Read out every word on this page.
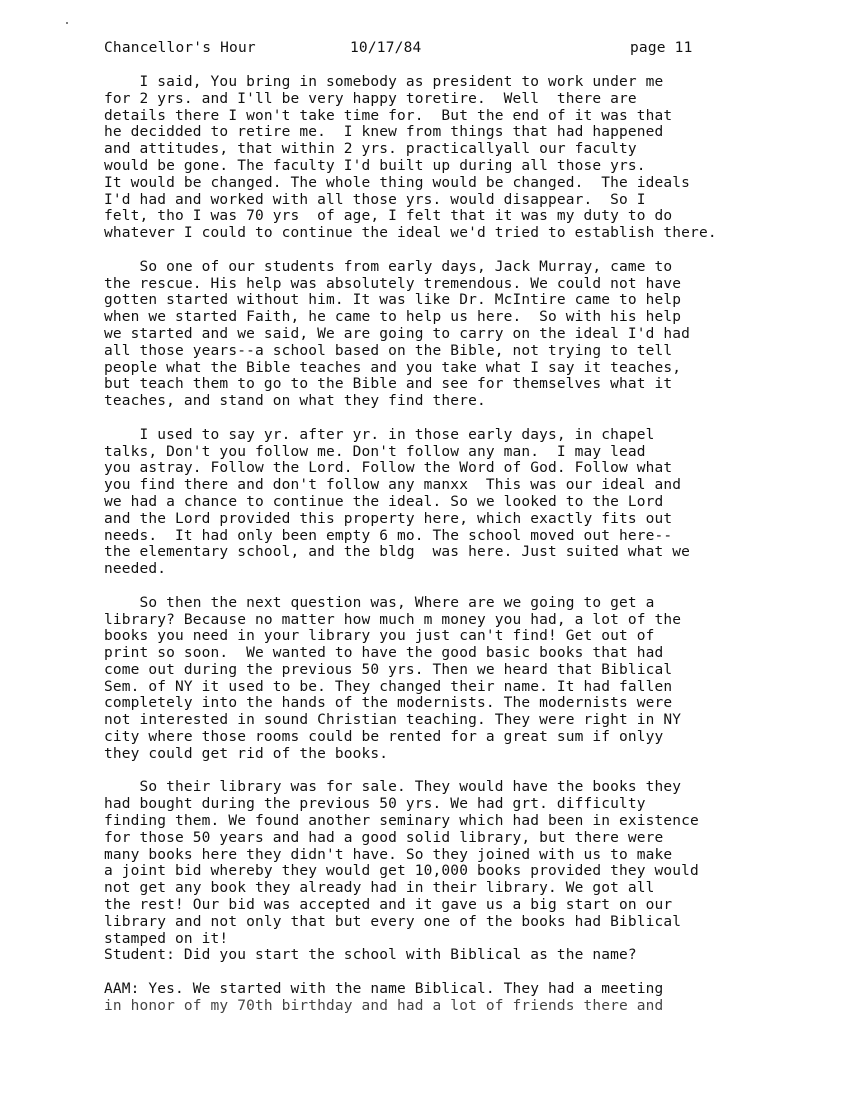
Chancellor's Hour	10/17/84	page 11
I said, You bring in somebody as president to work under me
for 2 yrs. and I'll be very happy toretire.  Well  there are
details there I won't take time for.  But the end of it was that
he decidded to retire me.  I knew from things that had happened
and attitudes, that within 2 yrs. practicallyall our faculty
would be gone. The faculty I'd built up during all those yrs.
It would be changed. The whole thing would be changed.  The ideals
I'd had and worked with all those yrs. would disappear.  So I
felt, tho I was 70 yrs  of age, I felt that it was my duty to do
whatever I could to continue the ideal we'd tried to establish there.
So one of our students from early days, Jack Murray, came to
the rescue. His help was absolutely tremendous. We could not have
gotten started without him. It was like Dr. McIntire came to help
when we started Faith, he came to help us here.  So with his help
we started and we said, We are going to carry on the ideal I'd had
all those years--a school based on the Bible, not trying to tell
people what the Bible teaches and you take what I say it teaches,
but teach them to go to the Bible and see for themselves what it
teaches, and stand on what they find there.
I used to say yr. after yr. in those early days, in chapel
talks, Don't you follow me. Don't follow any man.  I may lead
you astray. Follow the Lord. Follow the Word of God. Follow what
you find there and don't follow any manxx  This was our ideal and
we had a chance to continue the ideal. So we looked to the Lord
and the Lord provided this property here, which exactly fits out
needs.  It had only been empty 6 mo. The school moved out here--
the elementary school, and the bldg  was here. Just suited what we
needed.
So then the next question was, Where are we going to get a
library? Because no matter how much m money you had, a lot of the
books you need in your library you just can't find! Get out of
print so soon.  We wanted to have the good basic books that had
come out during the previous 50 yrs. Then we heard that Biblical
Sem. of NY it used to be. They changed their name. It had fallen
completely into the hands of the modernists. The modernists were
not interested in sound Christian teaching. They were right in NY
city where those rooms could be rented for a great sum if onlyy
they could get rid of the books.
So their library was for sale. They would have the books they
had bought during the previous 50 yrs. We had grt. difficulty
finding them. We found another seminary which had been in existence
for those 50 years and had a good solid library, but there were
many books here they didn't have. So they joined with us to make
a joint bid whereby they would get 10,000 books provided they would
not get any book they already had in their library. We got all
the rest! Our bid was accepted and it gave us a big start on our
library and not only that but every one of the books had Biblical
stamped on it!
Student: Did you start the school with Biblical as the name?
AAM: Yes. We started with the name Biblical. They had a meeting
in honor of my 70th birthday and had a lot of friends there and
